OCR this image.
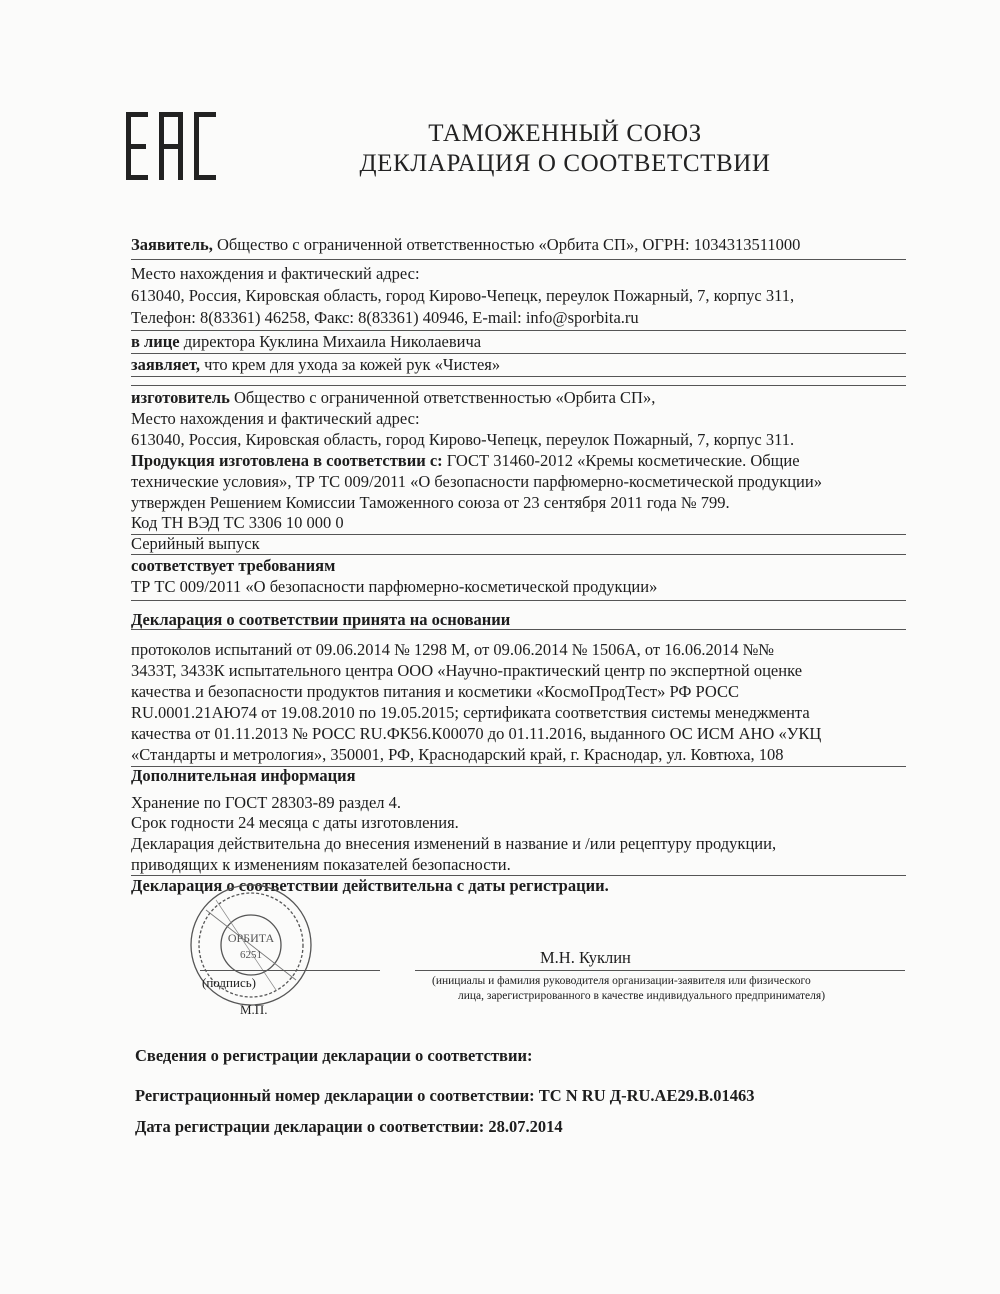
ТАМОЖЕННЫЙ СОЮЗ
ДЕКЛАРАЦИЯ О СООТВЕТСТВИИ
Заявитель, Общество с ограниченной ответственностью «Орбита СП», ОГРН: 1034313511000
Место нахождения и фактический адрес:
613040, Россия, Кировская область, город Кирово-Чепецк, переулок Пожарный, 7, корпус 311,
Телефон: 8(83361) 46258, Факс: 8(83361) 40946, E-mail: info@sporbita.ru
в лице директора Куклина Михаила Николаевича
заявляет, что крем для ухода за кожей рук «Чистея»
изготовитель Общество с ограниченной ответственностью «Орбита СП»,
Место нахождения и фактический адрес:
613040, Россия, Кировская область, город Кирово-Чепецк, переулок Пожарный, 7, корпус 311.
Продукция изготовлена в соответствии с: ГОСТ 31460-2012 «Кремы косметические. Общие
технические условия», ТР ТС 009/2011 «О безопасности парфюмерно-косметической продукции»
утвержден Решением Комиссии Таможенного союза от 23 сентября 2011 года № 799.
Код ТН ВЭД ТС 3306 10 000 0
Серийный выпуск
соответствует требованиям
ТР ТС 009/2011 «О безопасности парфюмерно-косметической продукции»
Декларация о соответствии принята на основании
протоколов испытаний от 09.06.2014 № 1298 М, от 09.06.2014 № 1506А, от 16.06.2014 №№
3433Т, 3433К испытательного центра ООО «Научно-практический центр по экспертной оценке
качества и безопасности продуктов питания и косметики «КосмоПродТест» РФ РОСС
RU.0001.21АЮ74 от 19.08.2010 по 19.05.2015; сертификата соответствия системы менеджмента
качества от 01.11.2013 № РОСС RU.ФК56.К00070 до 01.11.2016, выданного ОС ИСМ АНО «УКЦ
«Стандарты и метрология», 350001, РФ, Краснодарский край, г. Краснодар, ул. Ковтюха, 108
Дополнительная информация
Хранение по ГОСТ 28303-89 раздел 4.
Срок годности 24 месяца с даты изготовления.
Декларация действительна до внесения изменений в название и /или рецептуру продукции,
приводящих к изменениям показателей безопасности.
Декларация о соответствии действительна с даты регистрации.
ОРБИТА
6251	М.Н. Куклин
(подпись)
М.П.
(инициалы и фамилия руководителя организации-заявителя или физического
лица, зарегистрированного в качестве индивидуального предпринимателя)
Сведения о регистрации декларации о соответствии:
Регистрационный номер декларации о соответствии: ТС N RU Д-RU.АЕ29.В.01463
Дата регистрации декларации о соответствии: 28.07.2014
